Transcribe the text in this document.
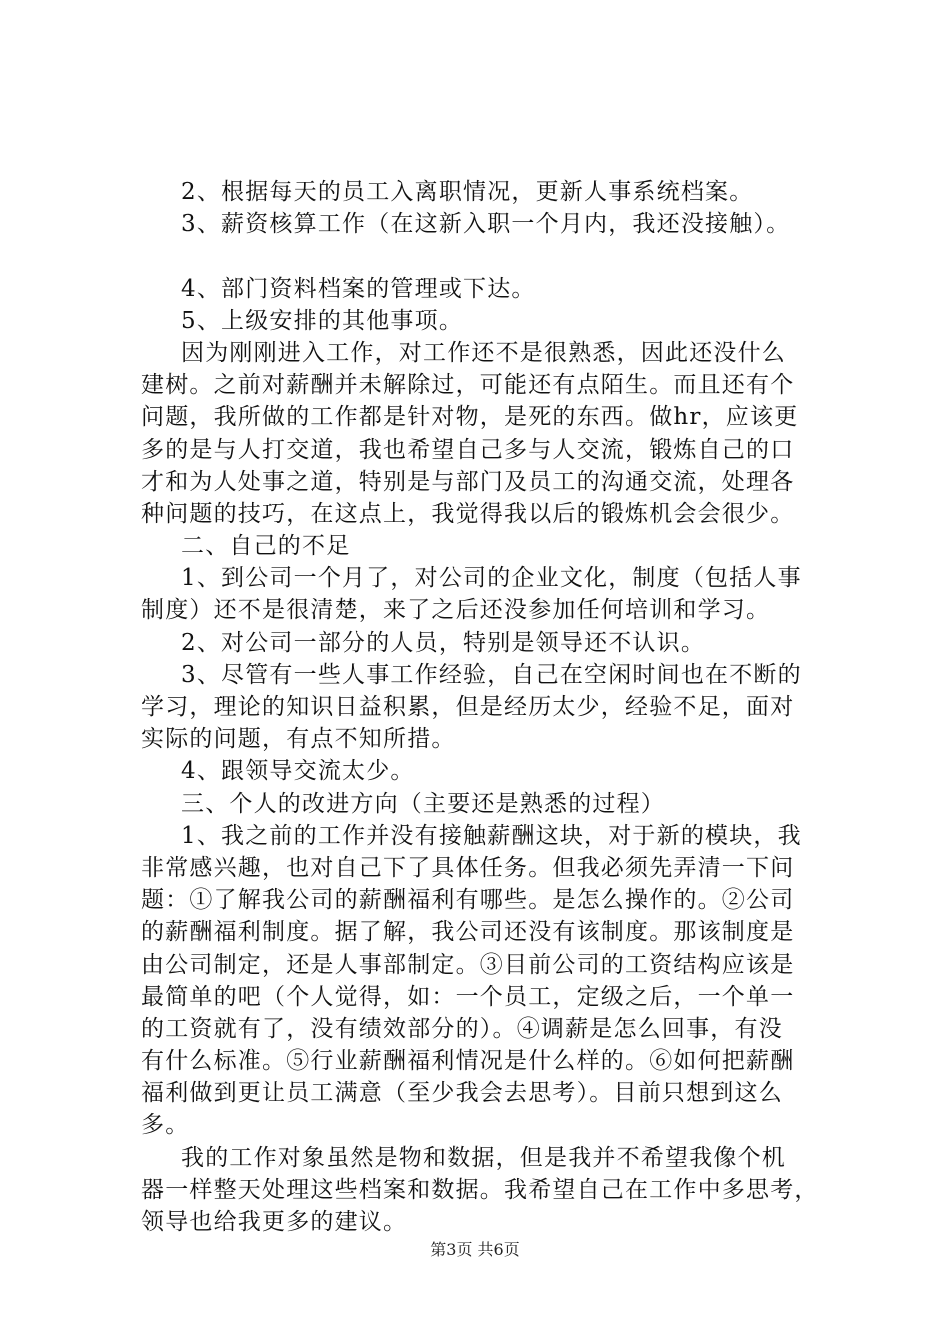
2、根据每天的员工入离职情况，更新人事系统档案。
3、薪资核算工作（在这新入职一个月内，我还没接触）。
4、部门资料档案的管理或下达。
5、上级安排的其他事项。
因为刚刚进入工作，对工作还不是很熟悉，因此还没什么
建树。之前对薪酬并未解除过，可能还有点陌生。而且还有个
问题，我所做的工作都是针对物，是死的东西。做hr，应该更
多的是与人打交道，我也希望自己多与人交流，锻炼自己的口
才和为人处事之道，特别是与部门及员工的沟通交流，处理各
种问题的技巧，在这点上，我觉得我以后的锻炼机会会很少。
二、自己的不足
1、到公司一个月了，对公司的企业文化，制度（包括人事
制度）还不是很清楚，来了之后还没参加任何培训和学习。
2、对公司一部分的人员，特别是领导还不认识。
3、尽管有一些人事工作经验，自己在空闲时间也在不断的
学习，理论的知识日益积累，但是经历太少，经验不足，面对
实际的问题，有点不知所措。
4、跟领导交流太少。
三、个人的改进方向（主要还是熟悉的过程）
1、我之前的工作并没有接触薪酬这块，对于新的模块，我
非常感兴趣，也对自己下了具体任务。但我必须先弄清一下问
题：①了解我公司的薪酬福利有哪些。是怎么操作的。②公司
的薪酬福利制度。据了解，我公司还没有该制度。那该制度是
由公司制定，还是人事部制定。③目前公司的工资结构应该是
最简单的吧（个人觉得，如：一个员工，定级之后，一个单一
的工资就有了，没有绩效部分的）。④调薪是怎么回事，有没
有什么标准。⑤行业薪酬福利情况是什么样的。⑥如何把薪酬
福利做到更让员工满意（至少我会去思考）。目前只想到这么
多。
我的工作对象虽然是物和数据，但是我并不希望我像个机
器一样整天处理这些档案和数据。我希望自己在工作中多思考，
领导也给我更多的建议。
第3页 共6页
